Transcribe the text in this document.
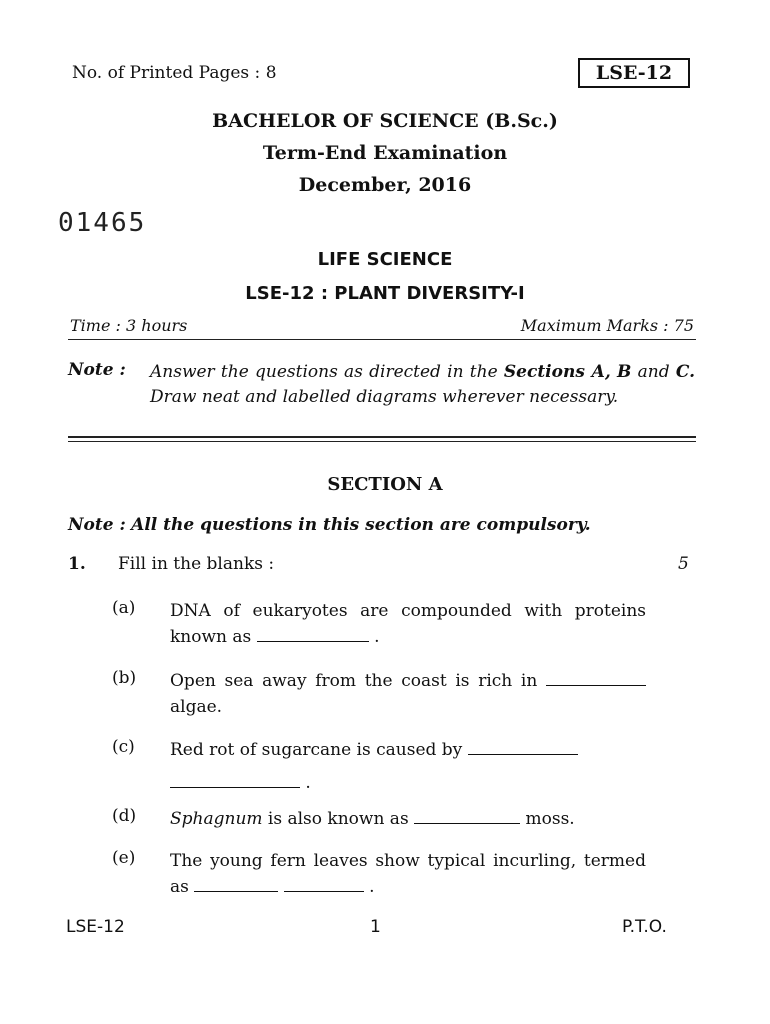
No. of Printed Pages : 8	LSE-12
BACHELOR OF SCIENCE (B.Sc.)
Term-End Examination
December, 2016
01465
LIFE SCIENCE
LSE-12 : PLANT DIVERSITY-I
Time : 3 hours	Maximum Marks : 75
Note : Answer the questions as directed in the Sections A, B and C. Draw neat and labelled diagrams wherever necessary.
SECTION A
Note : All the questions in this section are compulsory.
1. Fill in the blanks :	5
(a) DNA of eukaryotes are compounded with proteins known as	.
(b) Open sea away from the coast is rich in  algae.
(c) Red rot of sugarcane is caused by
.
(d) Sphagnum is also known as	moss.
(e) The young fern leaves show typical incurling, termed as	.
LSE-12	1	P.T.O.
